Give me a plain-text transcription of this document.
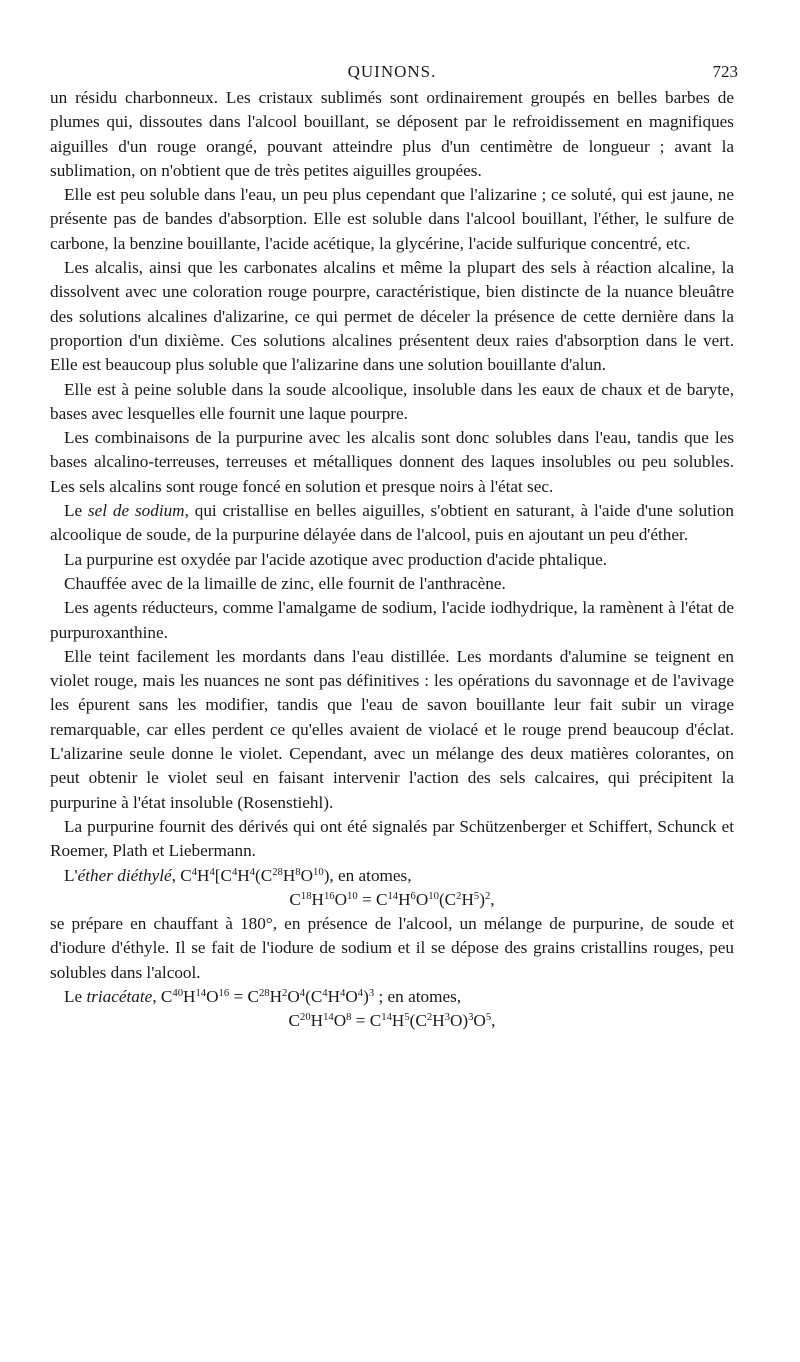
QUINONS.	723

un résidu charbonneux. Les cristaux sublimés sont ordinairement groupés en belles barbes de plumes qui, dissoutes dans l'alcool bouillant, se déposent par le refroidissement en magnifiques aiguilles d'un rouge orangé, pouvant atteindre plus d'un centimètre de longueur ; avant la sublimation, on n'obtient que de très petites aiguilles groupées.

Elle est peu soluble dans l'eau, un peu plus cependant que l'alizarine ; ce soluté, qui est jaune, ne présente pas de bandes d'absorption. Elle est soluble dans l'alcool bouillant, l'éther, le sulfure de carbone, la benzine bouillante, l'acide acétique, la glycérine, l'acide sulfurique concentré, etc.

Les alcalis, ainsi que les carbonates alcalins et même la plupart des sels à réaction alcaline, la dissolvent avec une coloration rouge pourpre, caractéristique, bien distincte de la nuance bleuâtre des solutions alcalines d'alizarine, ce qui permet de déceler la présence de cette dernière dans la proportion d'un dixième. Ces solutions alcalines présentent deux raies d'absorption dans le vert. Elle est beaucoup plus soluble que l'alizarine dans une solution bouillante d'alun.

Elle est à peine soluble dans la soude alcoolique, insoluble dans les eaux de chaux et de baryte, bases avec lesquelles elle fournit une laque pourpre.

Les combinaisons de la purpurine avec les alcalis sont donc solubles dans l'eau, tandis que les bases alcalino-terreuses, terreuses et métalliques donnent des laques insolubles ou peu solubles. Les sels alcalins sont rouge foncé en solution et presque noirs à l'état sec.

Le sel de sodium, qui cristallise en belles aiguilles, s'obtient en saturant, à l'aide d'une solution alcoolique de soude, de la purpurine délayée dans de l'alcool, puis en ajoutant un peu d'éther.

La purpurine est oxydée par l'acide azotique avec production d'acide phtalique.

Chauffée avec de la limaille de zinc, elle fournit de l'anthracène.

Les agents réducteurs, comme l'amalgame de sodium, l'acide iodhydrique, la ramènent à l'état de purpuroxanthine.

Elle teint facilement les mordants dans l'eau distillée. Les mordants d'alumine se teignent en violet rouge, mais les nuances ne sont pas définitives : les opérations du savonnage et de l'avivage les épurent sans les modifier, tandis que l'eau de savon bouillante leur fait subir un virage remarquable, car elles perdent ce qu'elles avaient de violacé et le rouge prend beaucoup d'éclat. L'alizarine seule donne le violet. Cependant, avec un mélange des deux matières colorantes, on peut obtenir le violet seul en faisant intervenir l'action des sels calcaires, qui précipitent la purpurine à l'état insoluble (Rosenstiehl).

La purpurine fournit des dérivés qui ont été signalés par Schützenberger et Schiffert, Schunck et Roemer, Plath et Liebermann.

L'éther diéthylé, $C^4H^4[C^4H^4(C^{28}H^8O^{10})$, en atomes,

$C^{18}H^{16}O^{10} = C^{14}H^6O^{10}(C^2H^5)^2$,

se prépare en chauffant à 180°, en présence de l'alcool, un mélange de purpurine, de soude et d'iodure d'éthyle. Il se fait de l'iodure de sodium et il se dépose des grains cristallins rouges, peu solubles dans l'alcool.

Le triacétate, $C^{40}H^{14}O^{16} = C^{28}H^2O^4(C^4H^4O^4)^3$ ; en atomes,

$C^{20}H^{14}O^8 = C^{14}H^5(C^2H^3O)^3O^5$,
